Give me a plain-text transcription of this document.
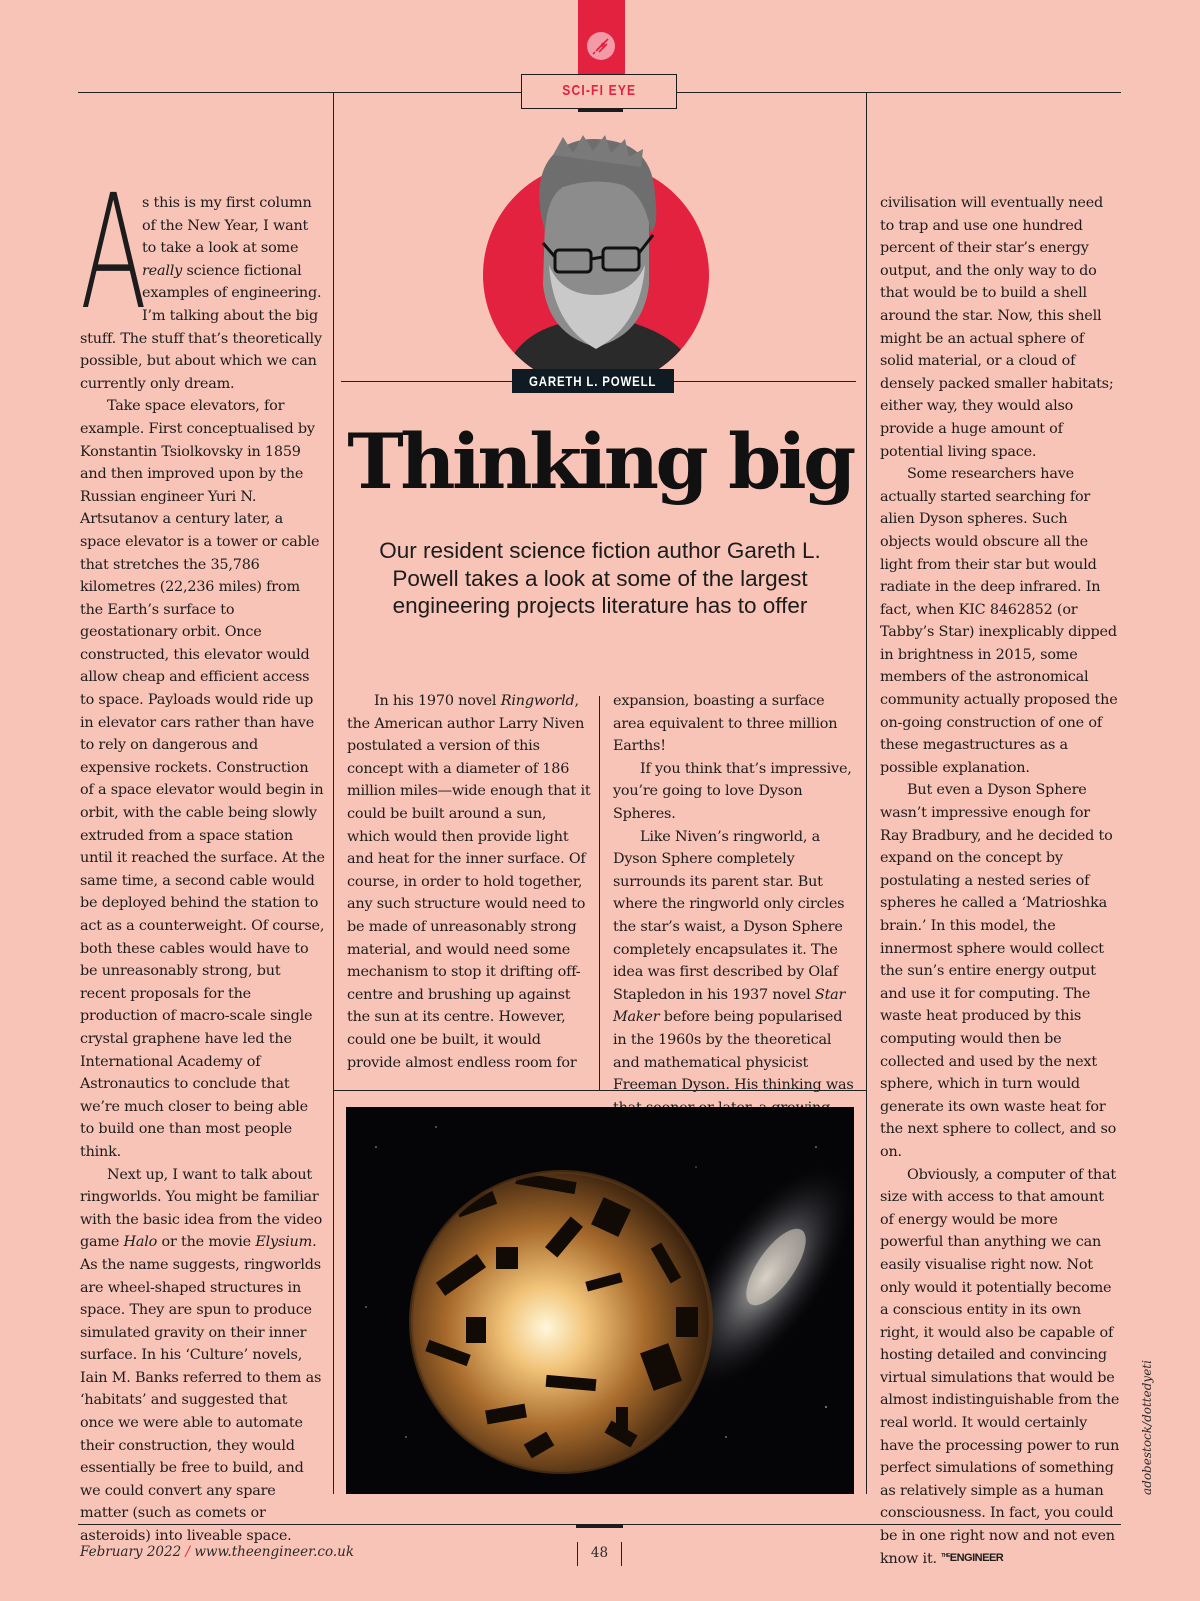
SCI-FI EYE
GARETH L. POWELL
Thinking big
Our resident science fiction author Gareth L. Powell takes a look at some of the largest engineering projects literature has to offer

A
s this is my first column of the New Year, I want to take a look at some really science fictional examples of engineering. I’m talking about the big stuff. The stuff that’s theoretically possible, but about which we can currently only dream.

Take space elevators, for example. First conceptualised by Konstantin Tsiolkovsky in 1859 and then improved upon by the Russian engineer Yuri N. Artsutanov a century later, a space elevator is a tower or cable that stretches the 35,786 kilometres (22,236 miles) from the Earth’s surface to geostationary orbit. Once constructed, this elevator would allow cheap and efficient access to space. Payloads would ride up in elevator cars rather than have to rely on dangerous and expensive rockets. Construction of a space elevator would begin in orbit, with the cable being slowly extruded from a space station until it reached the surface. At the same time, a second cable would be deployed behind the station to act as a counterweight. Of course, both these cables would have to be unreasonably strong, but recent proposals for the production of macro-scale single crystal graphene have led the International Academy of Astronautics to conclude that we’re much closer to being able to build one than most people think.

Next up, I want to talk about ringworlds. You might be familiar with the basic idea from the video game Halo or the movie Elysium. As the name suggests, ringworlds are wheel-shaped structures in space. They are spun to produce simulated gravity on their inner surface. In his ‘Culture’ novels, Iain M. Banks referred to them as ‘habitats’ and suggested that once we were able to automate their construction, they would essentially be free to build, and we could convert any spare matter (such as comets or asteroids) into liveable space.

In his 1970 novel Ringworld, the American author Larry Niven postulated a version of this concept with a diameter of 186 million miles—wide enough that it could be built around a sun, which would then provide light and heat for the inner surface. Of course, in order to hold together, any such structure would need to be made of unreasonably strong material, and would need some mechanism to stop it drifting off-centre and brushing up against the sun at its centre. However, could one be built, it would provide almost endless room for

expansion, boasting a surface area equivalent to three million Earths!

If you think that’s impressive, you’re going to love Dyson Spheres.

Like Niven’s ringworld, a Dyson Sphere completely surrounds its parent star. But where the ringworld only circles the star’s waist, a Dyson Sphere completely encapsulates it. The idea was first described by Olaf Stapledon in his 1937 novel Star Maker before being popularised in the 1960s by the theoretical and mathematical physicist Freeman Dyson. His thinking was

civilisation will eventually need to trap and use one hundred percent of their star’s energy output, and the only way to do that would be to build a shell around the star. Now, this shell might be an actual sphere of solid material, or a cloud of densely packed smaller habitats; either way, they would also provide a huge amount of potential living space.

Some researchers have actually started searching for alien Dyson spheres. Such objects would obscure all the light from their star but would radiate in the deep infrared. In fact, when KIC 8462852 (or Tabby’s Star) inexplicably dipped in brightness in 2015, some members of the astronomical community actually proposed the on-going construction of one of these megastructures as a possible explanation.

But even a Dyson Sphere wasn’t impressive enough for Ray Bradbury, and he decided to expand on the concept by postulating a nested series of spheres he called a ‘Matrioshka brain.’ In this model, the innermost sphere would collect the sun’s entire energy output and use it for computing. The waste heat produced by this computing would then be collected and used by the next sphere, which in turn would generate its own waste heat for the next sphere to collect, and so on.

Obviously, a computer of that size with access to that amount of energy would be more powerful than anything we can easily visualise right now. Not only would it potentially become a conscious entity in its own right, it would also be capable of hosting detailed and convincing virtual simulations that would be almost indistinguishable from the real world. It would certainly have the processing power to run perfect simulations of something as relatively simple as a human consciousness. In fact, you could be in one right now and not even know it. $^{THE}$ENGINEER

adobestock/dottedyeti
February 2022 / www.theengineer.co.uk	48
